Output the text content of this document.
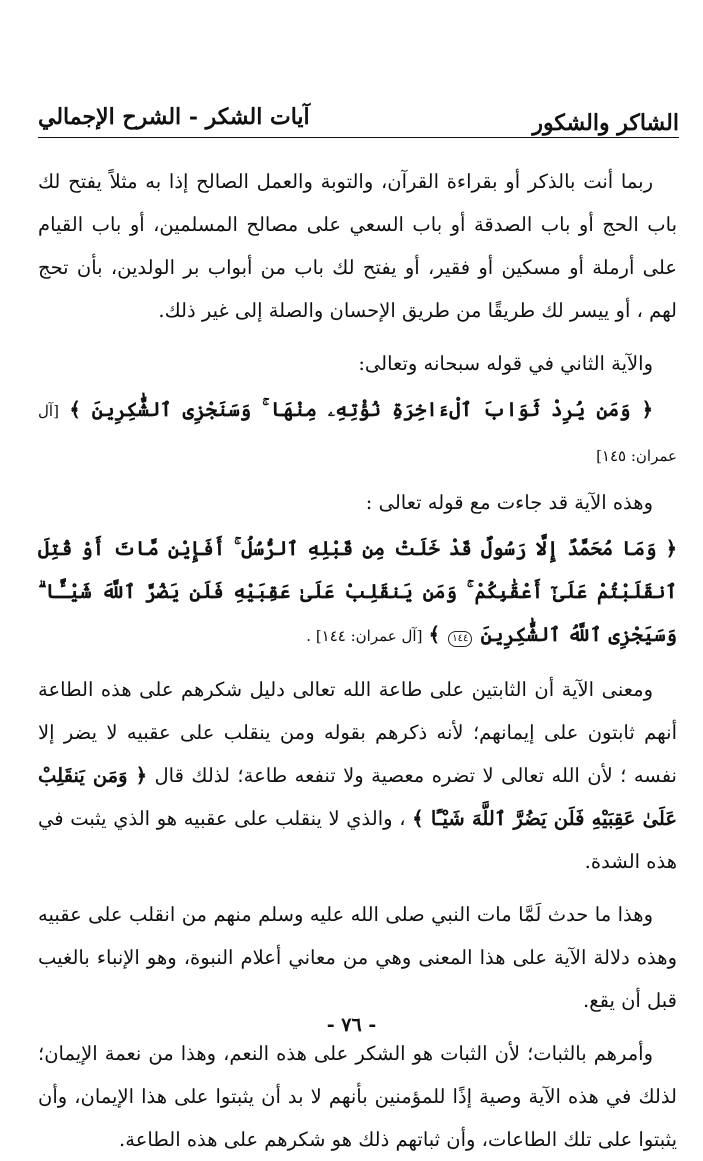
الشاكر والشكور
آيات الشكر - الشرح الإجمالي

ربما أنت بالذكر أو بقراءة القرآن، والتوبة والعمل الصالح إذا به مثلاً يفتح لك باب الحج أو باب الصدقة أو باب السعي على مصالح المسلمين، أو باب القيام على أرملة أو مسكين أو فقير، أو يفتح لك باب من أبواب بر الولدين، بأن تحج لهم ، أو ييسر لك طريقًا من طريق الإحسان والصلة إلى غير ذلك.

والآية الثاني في قوله سبحانه وتعالى:

﴿ وَمَن يُرِدْ ثَوَابَ ٱلْءَاخِرَةِ نُؤْتِهِۦ مِنْهَا ۚ وَسَنَجْزِى ٱلشَّٰكِرِينَ ﴾ [آل عمران: ١٤٥]

وهذه الآية قد جاءت مع قوله تعالى :

﴿ وَمَا مُحَمَّدٌ إِلَّا رَسُولٌ قَدْ خَلَتْ مِن قَبْلِهِ ٱلرُّسُلُ ۚ أَفَإِيْن مَّاتَ أَوْ قُتِلَ ٱنقَلَبْتُمْ عَلَىٰٓ أَعْقَٰبِكُمْ ۚ وَمَن يَنقَلِبْ عَلَىٰ عَقِبَيْهِ فَلَن يَضُرَّ ٱللَّهَ شَيْـًٔا ۗ وَسَيَجْزِى ٱللَّهُ ٱلشَّٰكِرِينَ ١٤٤ ﴾ [آل عمران: ١٤٤] .

ومعنى الآية أن الثابتين على طاعة الله تعالى دليل شكرهم على هذه الطاعة أنهم ثابتون على إيمانهم؛ لأنه ذكرهم بقوله ومن ينقلب على عقبيه لا يضر إلا نفسه ؛ لأن الله تعالى لا تضره معصية ولا تنفعه طاعة؛ لذلك قال ﴿ وَمَن يَنقَلِبْ عَلَىٰ عَقِبَيْهِ فَلَن يَضُرَّ ٱللَّهَ شَيْـًٔا ﴾ ، والذي لا ينقلب على عقبيه هو الذي يثبت في هذه الشدة.

وهذا ما حدث لَمَّا مات النبي صلى الله عليه وسلم منهم من انقلب على عقبيه وهذه دلالة الآية على هذا المعنى وهي من معاني أعلام النبوة، وهو الإنباء بالغيب قبل أن يقع.

وأمرهم بالثبات؛ لأن الثبات هو الشكر على هذه النعم، وهذا من نعمة الإيمان؛ لذلك في هذه الآية وصية إذًا للمؤمنين بأنهم لا بد أن يثبتوا على هذا الإيمان، وأن يثبتوا على تلك الطاعات، وأن ثباتهم ذلك هو شكرهم على هذه الطاعة.

- ٧٦ -
